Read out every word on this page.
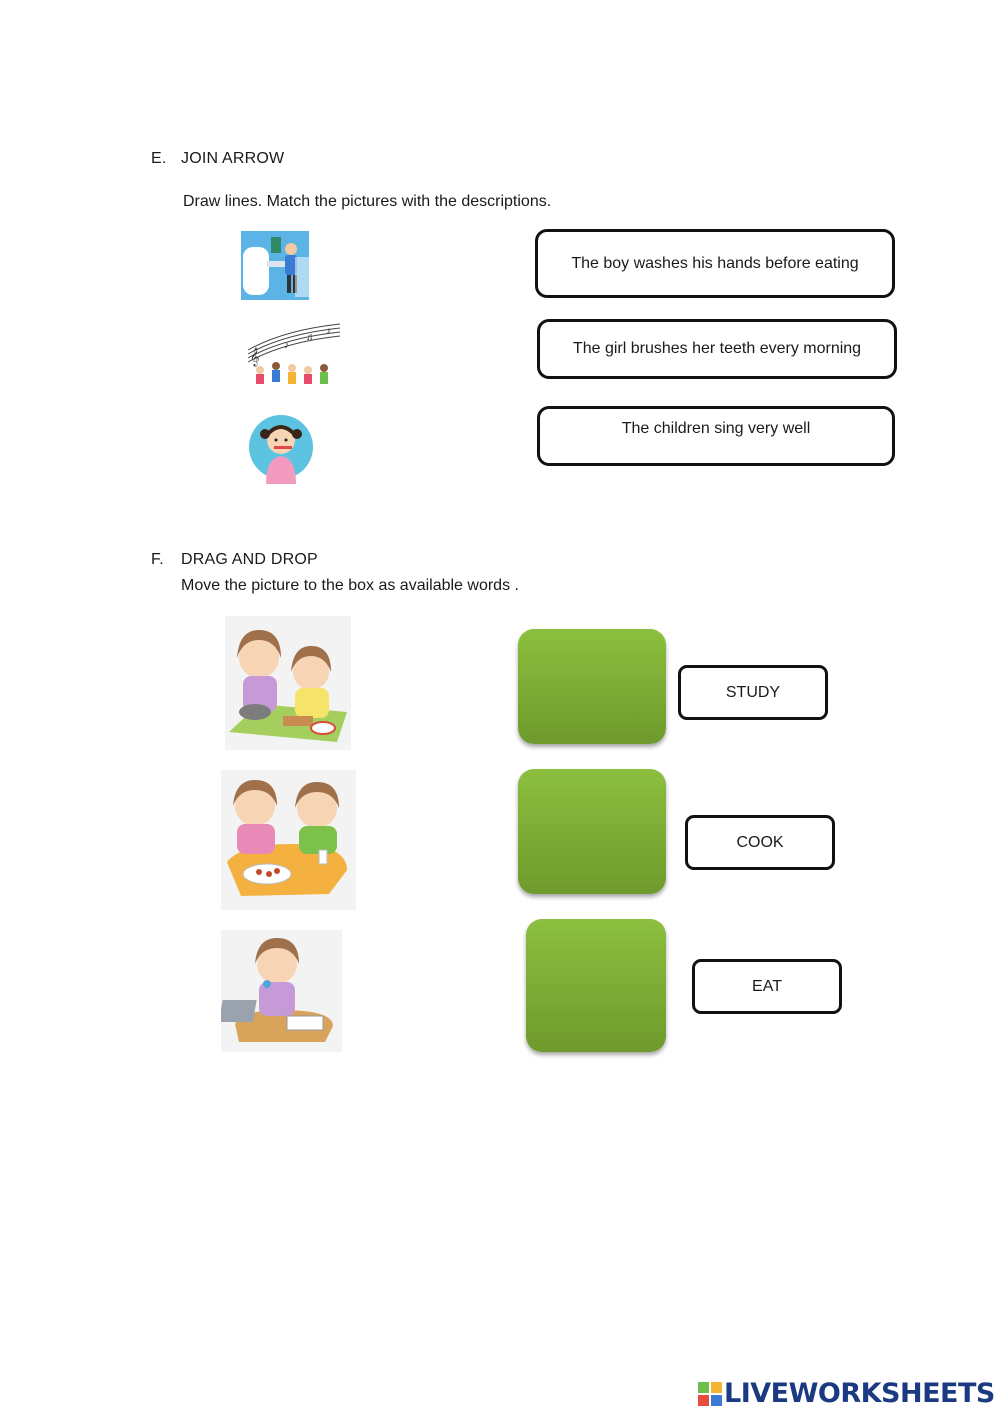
E. JOIN ARROW
Draw lines. Match the pictures with the descriptions.
𝄞
♪
♫
♪
The boy washes his hands before eating
The girl brushes her teeth every morning
The children sing very well
F. DRAG AND DROP
Move the picture to the box as available words .
STUDY
COOK
EAT
LIVEWORKSHEETS
